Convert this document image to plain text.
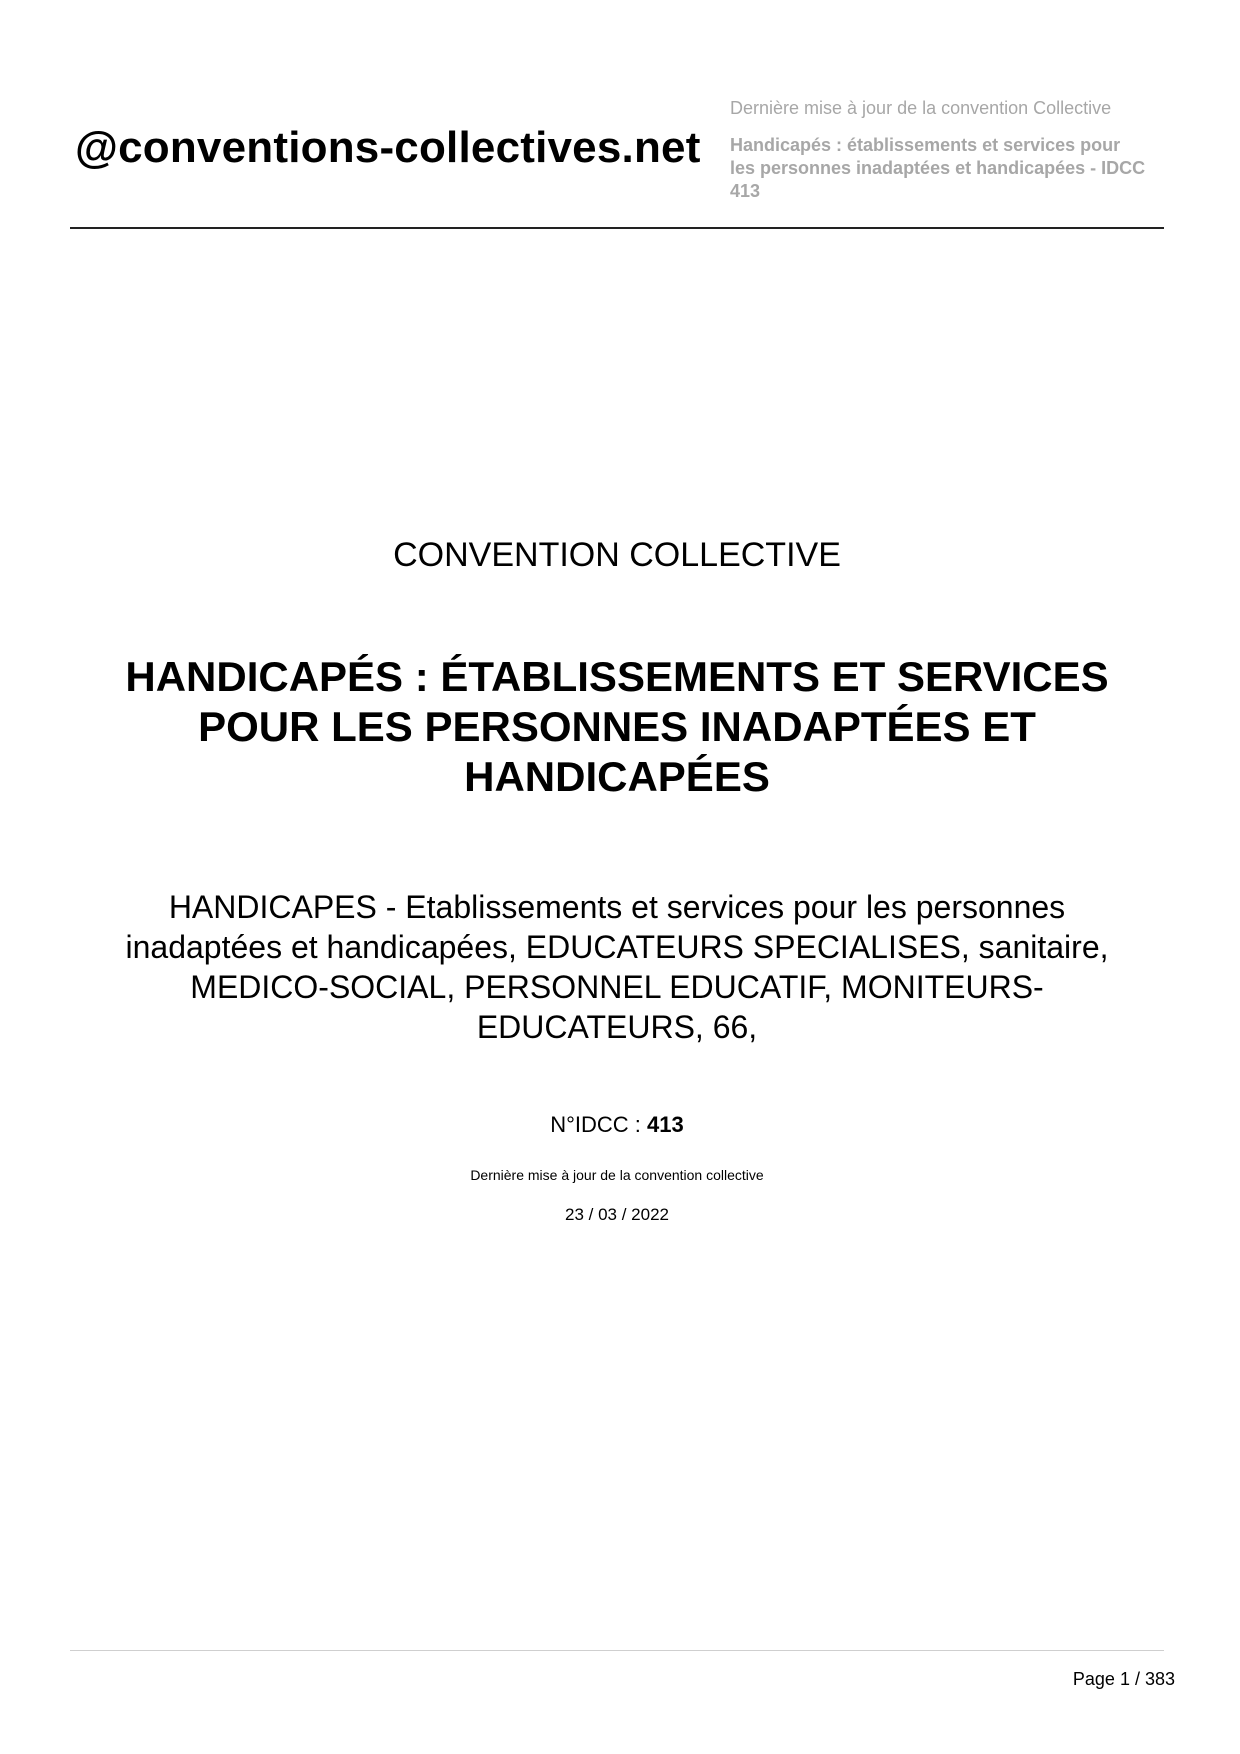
@conventions-collectives.net
Dernière mise à jour de la convention Collective
Handicapés : établissements et services pour les personnes inadaptées et handicapées - IDCC 413
CONVENTION COLLECTIVE
HANDICAPÉS : ÉTABLISSEMENTS ET SERVICES POUR LES PERSONNES INADAPTÉES ET HANDICAPÉES
HANDICAPES - Etablissements et services pour les personnes inadaptées et handicapées, EDUCATEURS SPECIALISES, sanitaire, MEDICO-SOCIAL, PERSONNEL EDUCATIF, MONITEURS-EDUCATEURS, 66,
N°IDCC : 413
Dernière mise à jour de la convention collective
23 / 03 / 2022
Page 1 / 383
